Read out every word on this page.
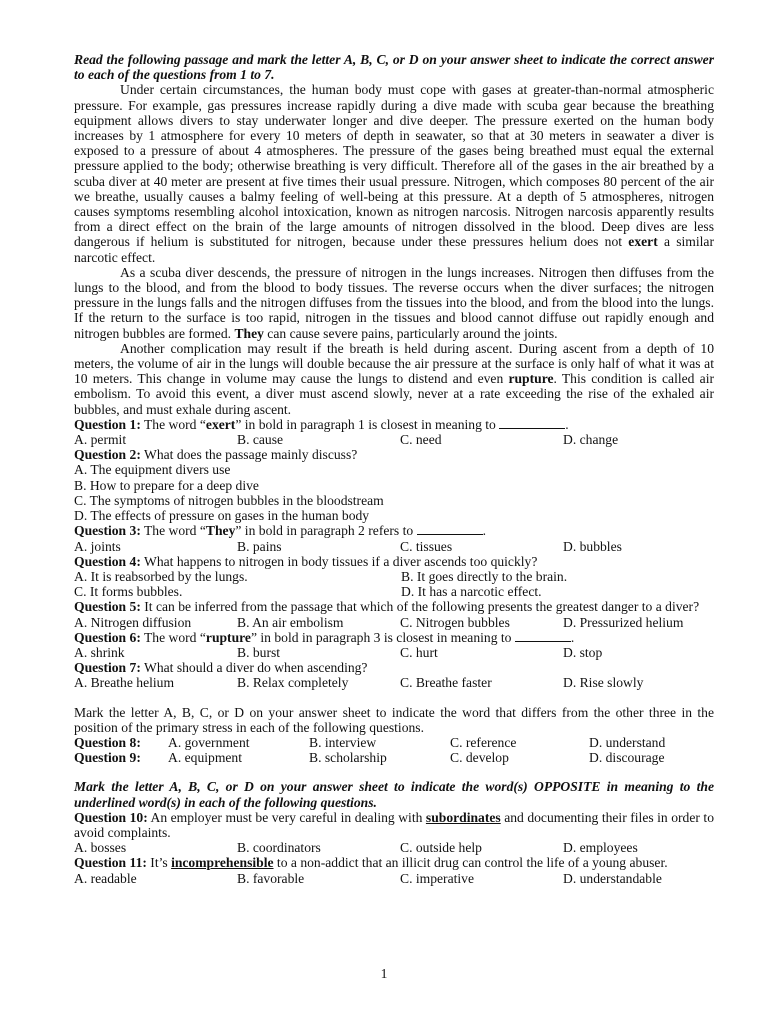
Read the following passage and mark the letter A, B, C, or D on your answer sheet to indicate the correct answer to each of the questions from 1 to 7.
Under certain circumstances, the human body must cope with gases at greater-than-normal atmospheric pressure. For example, gas pressures increase rapidly during a dive made with scuba gear because the breathing equipment allows divers to stay underwater longer and dive deeper. The pressure exerted on the human body increases by 1 atmosphere for every 10 meters of depth in seawater, so that at 30 meters in seawater a diver is exposed to a pressure of about 4 atmospheres. The pressure of the gases being breathed must equal the external pressure applied to the body; otherwise breathing is very difficult. Therefore all of the gases in the air breathed by a scuba diver at 40 meter are present at five times their usual pressure. Nitrogen, which composes 80 percent of the air we breathe, usually causes a balmy feeling of well-being at this pressure. At a depth of 5 atmospheres, nitrogen causes symptoms resembling alcohol intoxication, known as nitrogen narcosis. Nitrogen narcosis apparently results from a direct effect on the brain of the large amounts of nitrogen dissolved in the blood. Deep dives are less dangerous if helium is substituted for nitrogen, because under these pressures helium does not exert a similar narcotic effect.
As a scuba diver descends, the pressure of nitrogen in the lungs increases. Nitrogen then diffuses from the lungs to the blood, and from the blood to body tissues. The reverse occurs when the diver surfaces; the nitrogen pressure in the lungs falls and the nitrogen diffuses from the tissues into the blood, and from the blood into the lungs. If the return to the surface is too rapid, nitrogen in the tissues and blood cannot diffuse out rapidly enough and nitrogen bubbles are formed. They can cause severe pains, particularly around the joints.
Another complication may result if the breath is held during ascent. During ascent from a depth of 10 meters, the volume of air in the lungs will double because the air pressure at the surface is only half of what it was at 10 meters. This change in volume may cause the lungs to distend and even rupture. This condition is called air embolism. To avoid this event, a diver must ascend slowly, never at a rate exceeding the rise of the exhaled air bubbles, and must exhale during ascent.
Question 1: The word “exert” in bold in paragraph 1 is closest in meaning to	.
A. permit	B. cause	C. need	D. change
Question 2: What does the passage mainly discuss?
A. The equipment divers use
B. How to prepare for a deep dive
C. The symptoms of nitrogen bubbles in the bloodstream
D. The effects of pressure on gases in the human body
Question 3: The word “They” in bold in paragraph 2 refers to	.
A. joints	B. pains	C. tissues	D. bubbles
Question 4: What happens to nitrogen in body tissues if a diver ascends too quickly?
A. It is reabsorbed by the lungs.	B. It goes directly to the brain.
C. It forms bubbles.	D. It has a narcotic effect.
Question 5: It can be inferred from the passage that which of the following presents the greatest danger to a diver?
A. Nitrogen diffusion	B. An air embolism	C. Nitrogen bubbles	D. Pressurized helium
Question 6: The word “rupture” in bold in paragraph 3 is closest in meaning to	.
A. shrink	B. burst	C. hurt	D. stop
Question 7: What should a diver do when ascending?
A. Breathe helium	B. Relax completely	C. Breathe faster	D. Rise slowly
Mark the letter A, B, C, or D on your answer sheet to indicate the word that differs from the other three in the position of the primary stress in each of the following questions.
Question 8:	A. government	B. interview	C. reference	D. understand
Question 9:	A. equipment	B. scholarship	C. develop	D. discourage
Mark the letter A, B, C, or D on your answer sheet to indicate the word(s) OPPOSITE in meaning to the underlined word(s) in each of the following questions.
Question 10: An employer must be very careful in dealing with subordinates and documenting their files in order to avoid complaints.
A. bosses	B. coordinators	C. outside help	D. employees
Question 11: It’s incomprehensible to a non-addict that an illicit drug can control the life of a young abuser.
A. readable	B. favorable	C. imperative	D. understandable
1
